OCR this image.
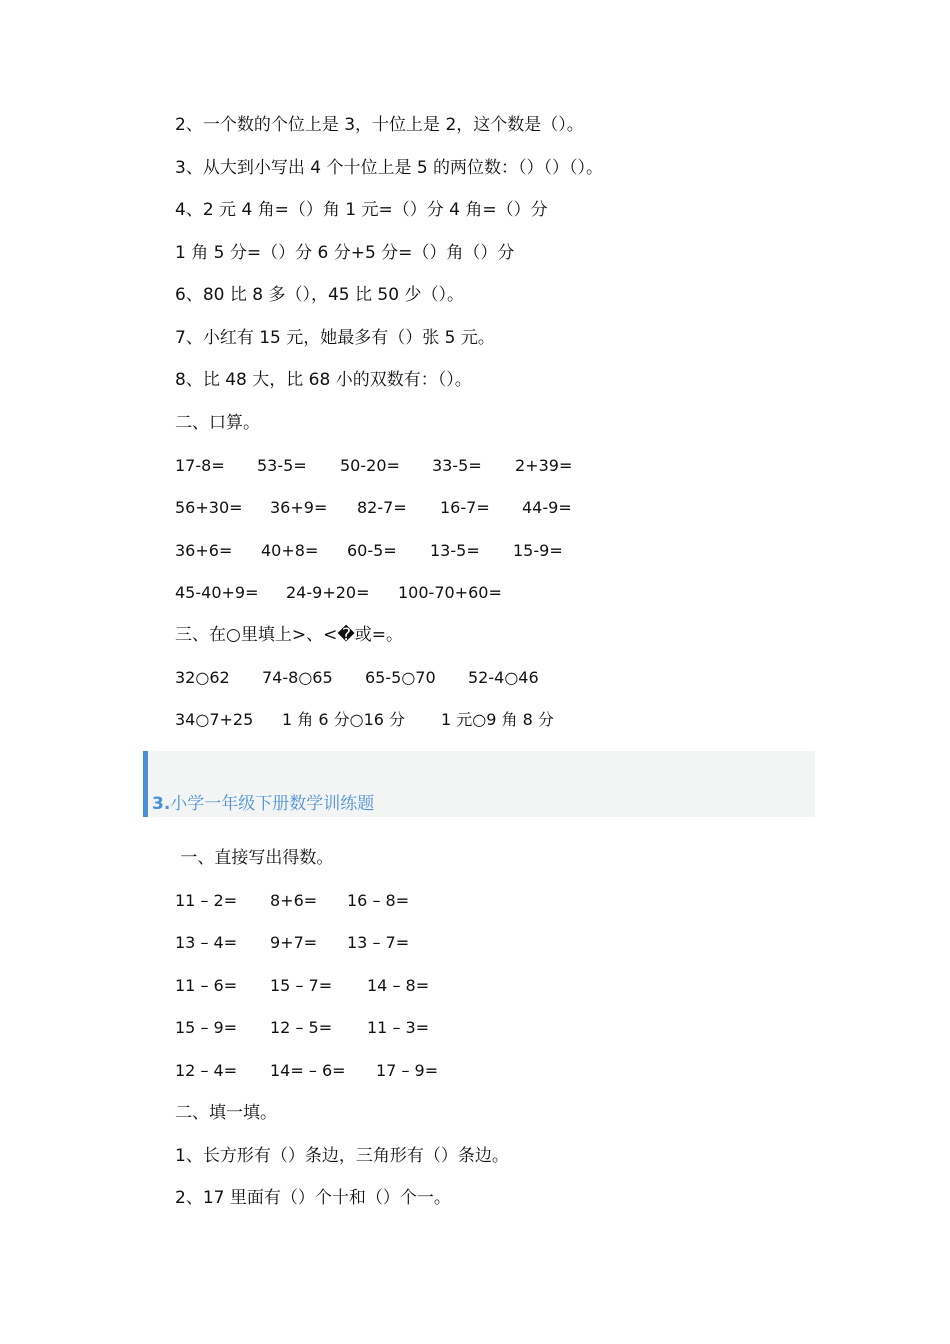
2、一个数的个位上是 3，十位上是 2，这个数是（）。
3、从大到小写出 4 个十位上是 5 的两位数：（）（）（）。
4、2 元 4 角=（）角 1 元=（）分 4 角=（）分
1 角 5 分=（）分 6 分+5 分=（）角（）分
6、80 比 8 多（），45 比 50 少（）。
7、小红有 15 元，她最多有（）张 5 元。
8、比 48 大，比 68 小的双数有：（）。
二、口算。

17-8=

53-5=

50-20=

33-5=

2+39=

56+30=

36+9=

82-7=

16-7=

44-9=

36+6=

40+8=

60-5=

13-5=

15-9=

45-40+9=

24-9+20=

100-70+60=

三、在○里填上>、<�或=。

32○62

74-8○65

65-5○70

52-4○46

34○7+25

1 角 6 分○16 分

1 元○9 角 8 分

3.小学一年级下册数学训练题
一、直接写出得数。

11 – 2=

8+6=

16 – 8=

13 – 4=

9+7=

13 – 7=

11 – 6=

15 – 7=

14 – 8=

15 – 9=

12 – 5=

11 – 3=

12 – 4=

14= – 6=

17 – 9=

二、填一填。
1、长方形有（）条边，三角形有（）条边。
2、17 里面有（）个十和（）个一。
